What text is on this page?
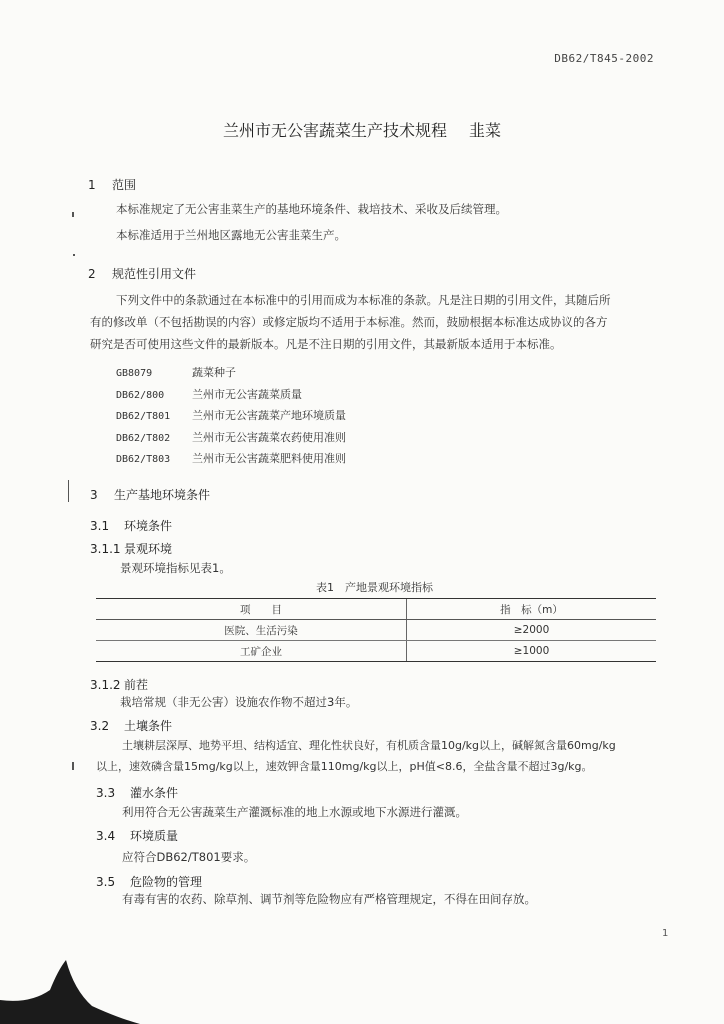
DB62/T845-2002
兰州市无公害蔬菜生产技术规程 韭菜
1 范围
本标准规定了无公害韭菜生产的基地环境条件、栽培技术、采收及后续管理。
本标准适用于兰州地区露地无公害韭菜生产。
2 规范性引用文件
下列文件中的条款通过在本标准中的引用而成为本标准的条款。凡是注日期的引用文件，其随后所
有的修改单（不包括勘误的内容）或修定版均不适用于本标准。然而，鼓励根据本标准达成协议的各方
研究是否可使用这些文件的最新版本。凡是不注日期的引用文件，其最新版本适用于本标准。
GB8079	蔬菜种子
DB62/800	兰州市无公害蔬菜质量
DB62/T801 兰州市无公害蔬菜产地环境质量
DB62/T802 兰州市无公害蔬菜农药使用准则
DB62/T803 兰州市无公害蔬菜肥料使用准则
3 生产基地环境条件
3.1 环境条件
3.1.1 景观环境
景观环境指标见表1。
表1　产地景观环境指标
项　　目	指　标（m）
医院、生活污染	≥2000
工矿企业	≥1000
3.1.2 前茬
栽培常规（非无公害）设施农作物不超过3年。
3.2 土壤条件
土壤耕层深厚、地势平坦、结构适宜、理化性状良好，有机质含量10g/kg以上，碱解氮含量60mg/kg
以上，速效磷含量15mg/kg以上，速效钾含量110mg/kg以上，pH值<8.6，全盐含量不超过3g/kg。
3.3 灌水条件
利用符合无公害蔬菜生产灌溉标准的地上水源或地下水源进行灌溉。
3.4 环境质量
应符合DB62/T801要求。
3.5 危险物的管理
有毒有害的农药、除草剂、调节剂等危险物应有严格管理规定，不得在田间存放。
1
